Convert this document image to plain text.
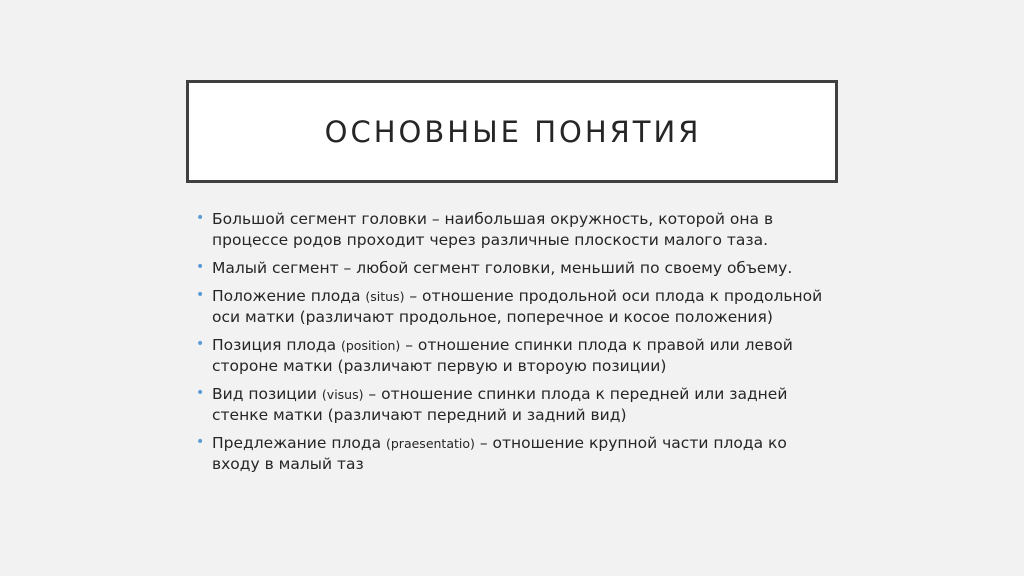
ОСНОВНЫЕ ПОНЯТИЯ
• Большой сегмент головки – наибольшая окружность, которой она в процессе родов проходит через различные плоскости малого таза.
• Малый сегмент – любой сегмент головки, меньший по своему объему.
• Положение плода (situs) – отношение продольной оси плода к продольной оси матки (различают продольное, поперечное и косое положения)
• Позиция плода (position) – отношение спинки плода к правой или левой стороне матки (различают первую и вторoую позиции)
• Вид позиции (visus) – отношение спинки плода к передней или задней стенке матки (различают передний и задний вид)
• Предлежание плода (praesentatio) – отношение крупной части плода ко входу в малый таз
